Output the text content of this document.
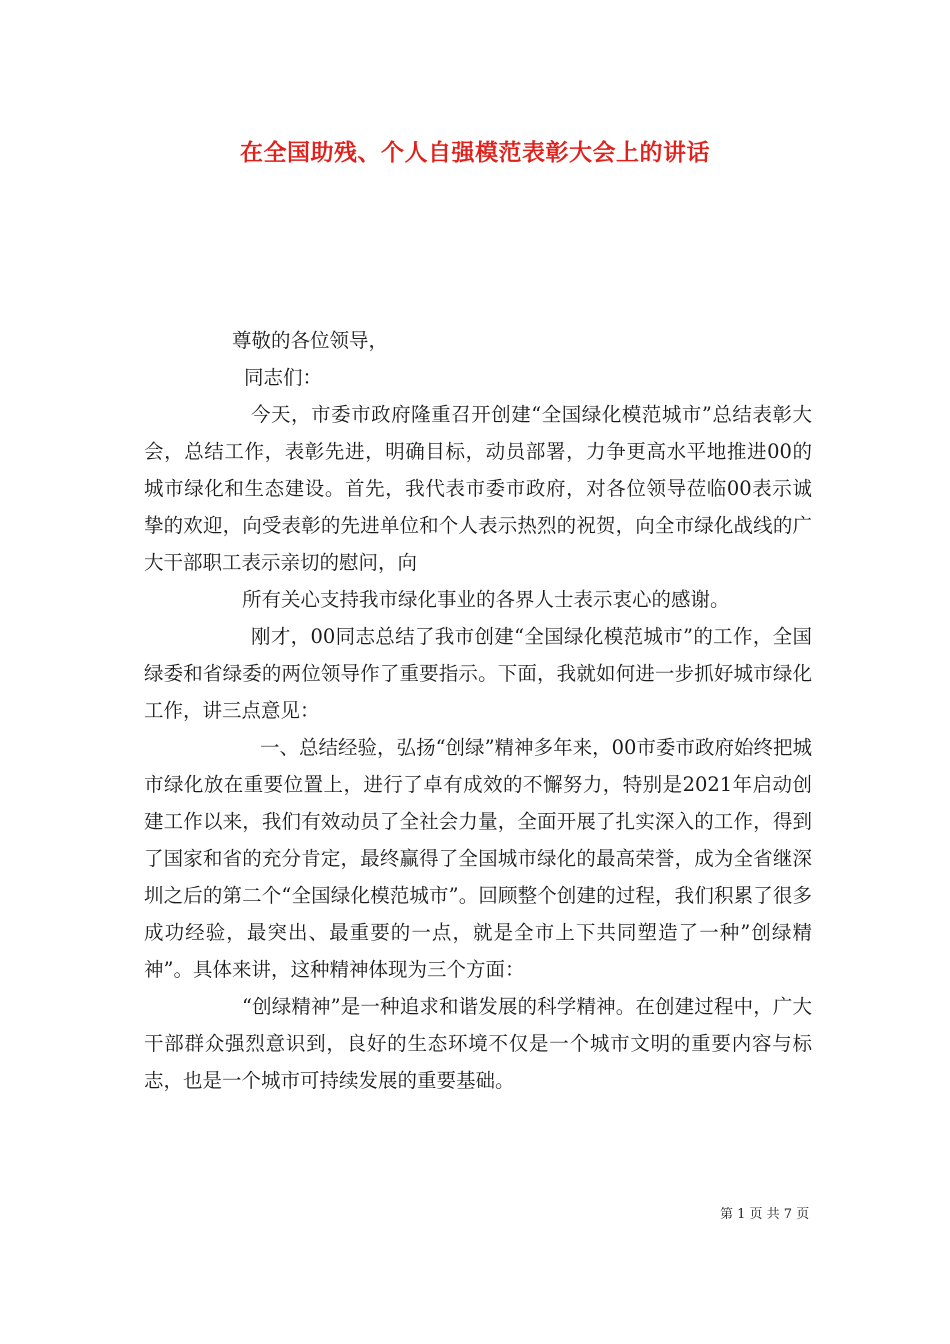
在全国助残、个人自强模范表彰大会上的讲话

尊敬的各位领导，

同志们：

今天，市委市政府隆重召开创建“全国绿化模范城市”总结表彰大会，总结工作，表彰先进，明确目标，动员部署，力争更高水平地推进00的城市绿化和生态建设。首先，我代表市委市政府，对各位领导莅临00表示诚挚的欢迎，向受表彰的先进单位和个人表示热烈的祝贺，向全市绿化战线的广大干部职工表示亲切的慰问，向

所有关心支持我市绿化事业的各界人士表示衷心的感谢。

刚才，00同志总结了我市创建“全国绿化模范城市”的工作，全国绿委和省绿委的两位领导作了重要指示。下面，我就如何进一步抓好城市绿化工作，讲三点意见：

一、总结经验，弘扬“创绿”精神多年来，00市委市政府始终把城市绿化放在重要位置上，进行了卓有成效的不懈努力，特别是2021年启动创建工作以来，我们有效动员了全社会力量，全面开展了扎实深入的工作，得到了国家和省的充分肯定，最终赢得了全国城市绿化的最高荣誉，成为全省继深圳之后的第二个“全国绿化模范城市”。回顾整个创建的过程，我们积累了很多成功经验，最突出、最重要的一点，就是全市上下共同塑造了一种”创绿精神”。具体来讲，这种精神体现为三个方面：

“创绿精神”是一种追求和谐发展的科学精神。在创建过程中，广大干部群众强烈意识到，良好的生态环境不仅是一个城市文明的重要内容与标志，也是一个城市可持续发展的重要基础。

第 1 页 共 7 页
